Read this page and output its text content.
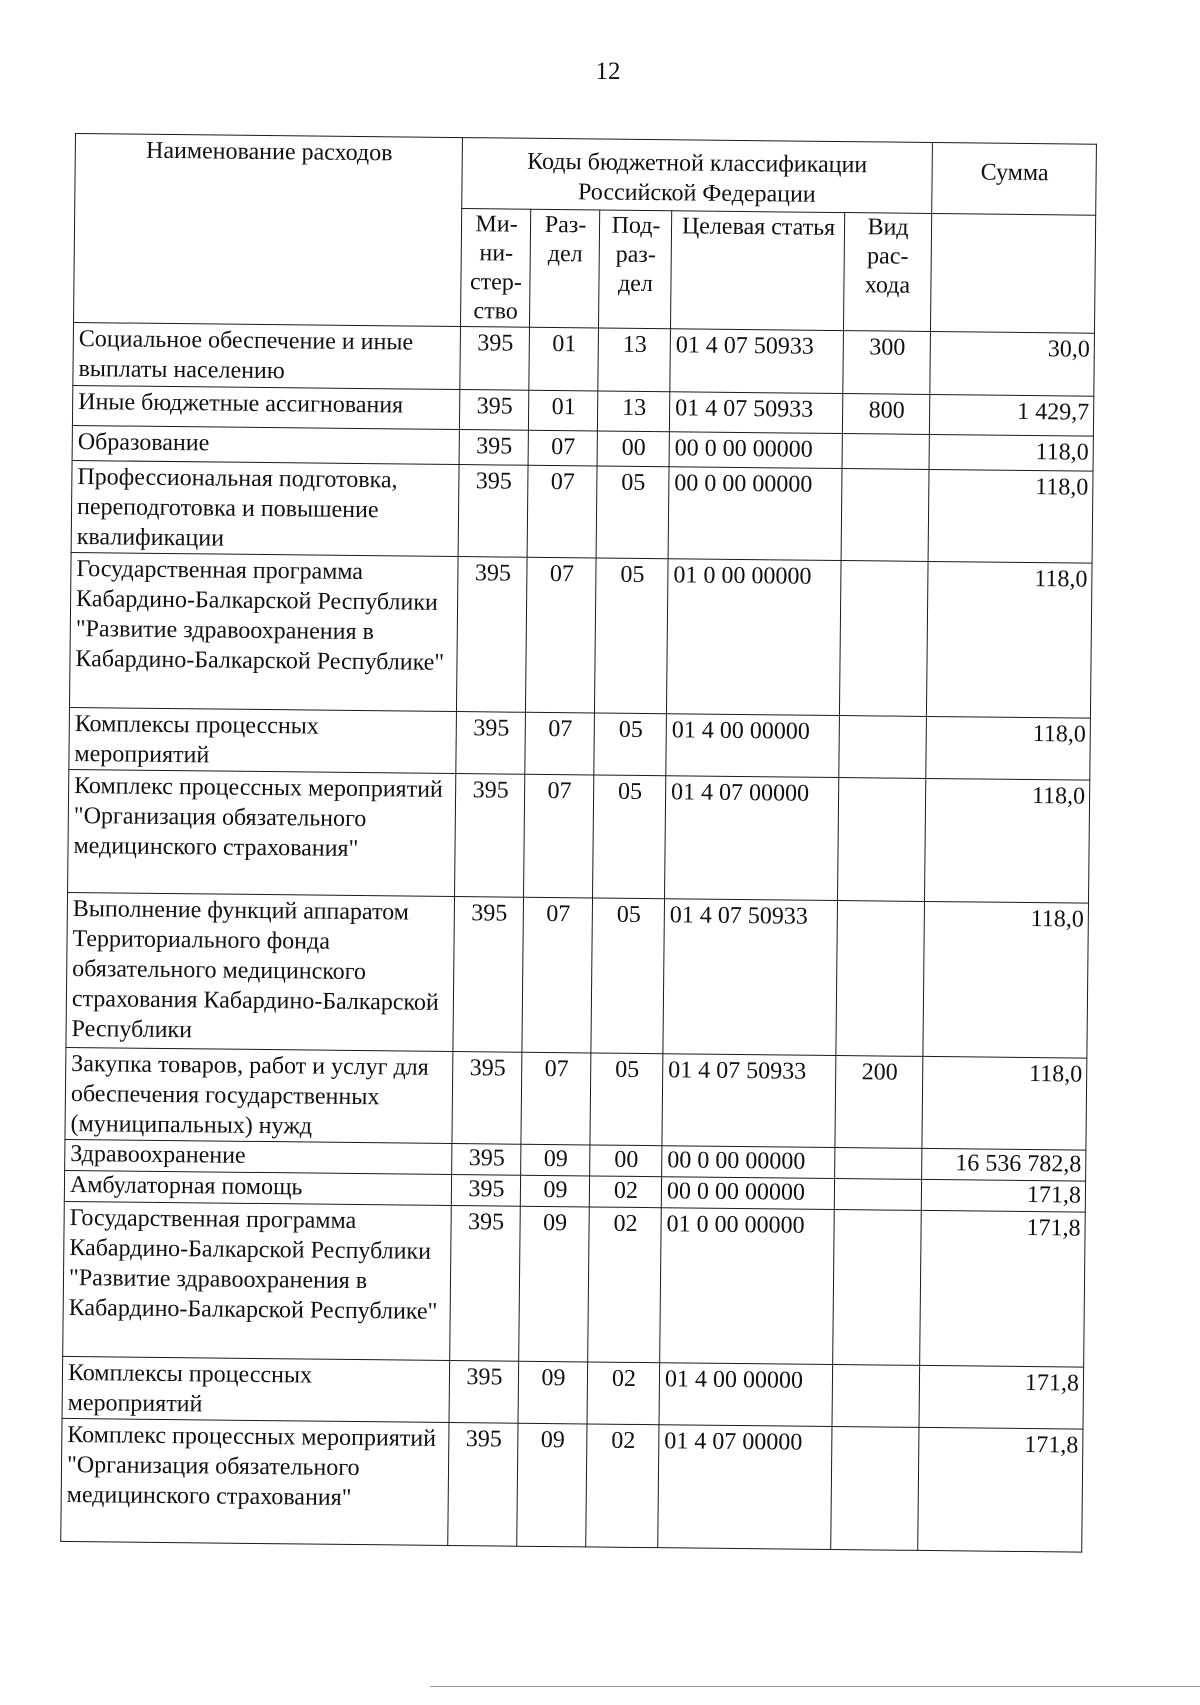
12
Наименование расходов	Коды бюджетной классификации Российской Федерации					Сумма
	Ми- ни- стер- ство	Раз- дел	Под- раз- дел	Целевая статья	Вид рас- хода	
Социальное обеспечение и иные выплаты населению	395	01	13	01 4 07 50933	300	30,0
Иные бюджетные ассигнования	395	01	13	01 4 07 50933	800	1 429,7
Образование	395	07	00	00 0 00 00000		118,0
Профессиональная подготовка, переподготовка и повышение квалификации	395	07	05	00 0 00 00000		118,0
Государственная программа Кабардино-Балкарской Республики "Развитие здравоохранения в Кабардино-Балкарской Республике"	395	07	05	01 0 00 00000		118,0
Комплексы процессных мероприятий	395	07	05	01 4 00 00000		118,0
Комплекс процессных мероприятий "Организация обязательного медицинского страхования"	395	07	05	01 4 07 00000		118,0
Выполнение функций аппаратом Территориального фонда обязательного медицинского страхования Кабардино-Балкарской Республики	395	07	05	01 4 07 50933		118,0
Закупка товаров, работ и услуг для обеспечения государственных (муниципальных) нужд	395	07	05	01 4 07 50933	200	118,0
Здравоохранение	395	09	00	00 0 00 00000		16 536 782,8
Амбулаторная помощь	395	09	02	00 0 00 00000		171,8
Государственная программа Кабардино-Балкарской Республики "Развитие здравоохранения в Кабардино-Балкарской Республике"	395	09	02	01 0 00 00000		171,8
Комплексы процессных мероприятий	395	09	02	01 4 00 00000		171,8
Комплекс процессных мероприятий "Организация обязательного медицинского страхования"	395	09	02	01 4 07 00000		171,8
